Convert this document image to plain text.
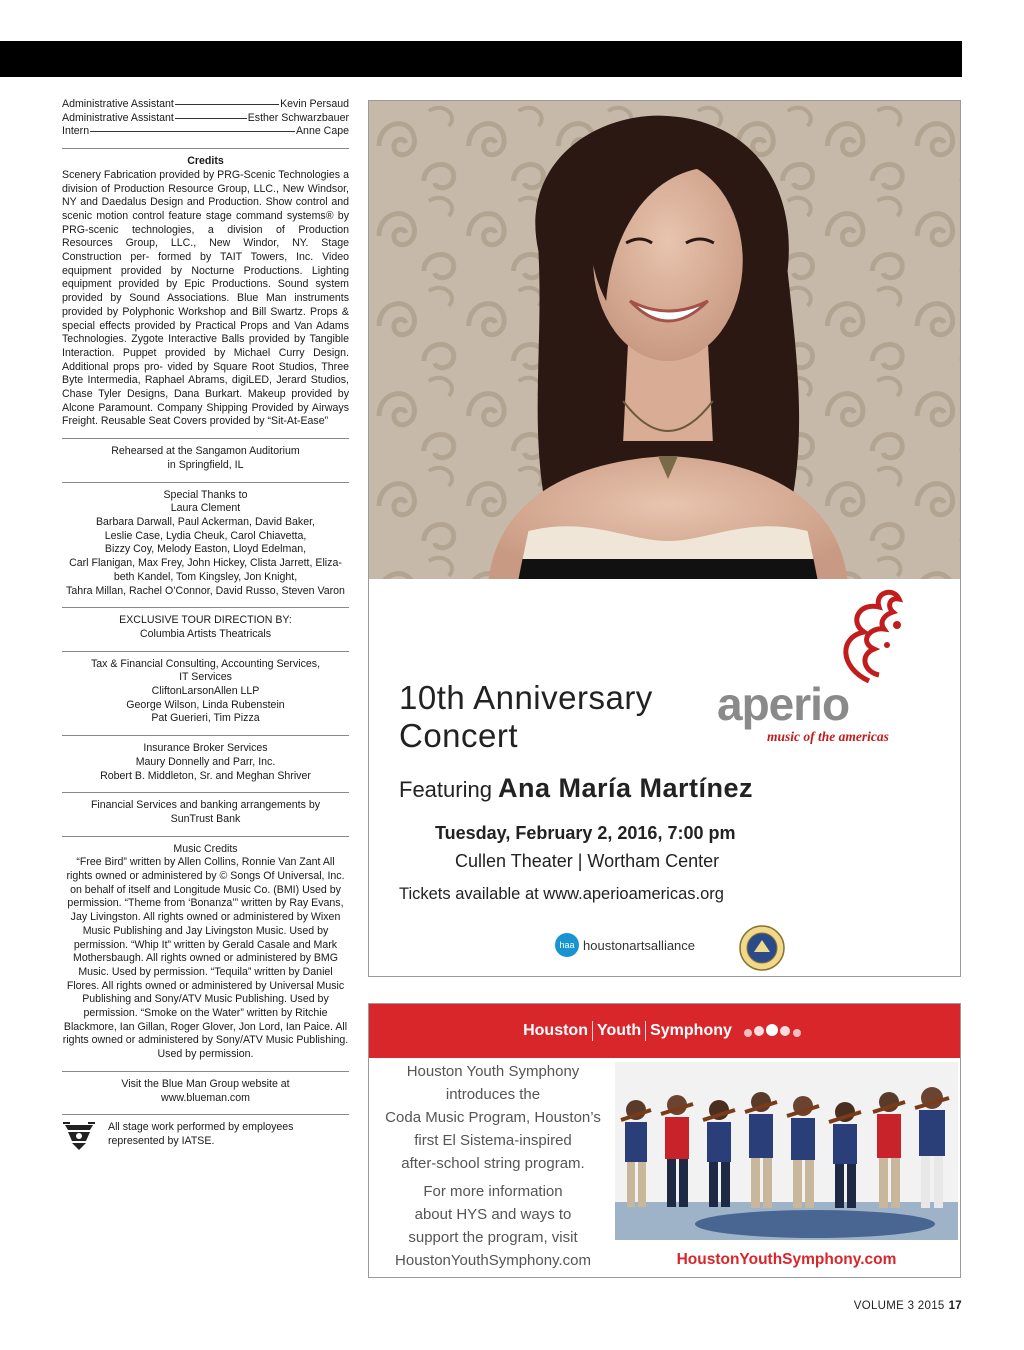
Administrative Assistant	Kevin Persaud
Administrative Assistant	Esther Schwarzbauer
Intern	Anne Cape
Credits
Scenery Fabrication provided by PRG-Scenic Technologies a division of Production Resource Group, LLC., New Windsor, NY and Daedalus Design and Production. Show control and scenic motion control feature stage command systems® by PRG-scenic technologies, a division of Production Resources Group, LLC., New Windor, NY. Stage Construction per- formed by TAIT Towers, Inc. Video equipment provided by Nocturne Productions. Lighting equipment provided by Epic Productions. Sound system provided by Sound Associations. Blue Man instruments provided by Polyphonic Workshop and Bill Swartz. Props & special effects provided by Practical Props and Van Adams Technologies. Zygote Interactive Balls provided by Tangible Interaction. Puppet provided by Michael Curry Design. Additional props pro- vided by Square Root Studios, Three Byte Intermedia, Raphael Abrams, digiLED, Jerard Studios, Chase Tyler Designs, Dana Burkart. Makeup provided by Alcone Paramount. Company Shipping Provided by Airways Freight. Reusable Seat Covers provided by “Sit-At-Ease”
Rehearsed at the Sangamon Auditorium
in Springfield, IL
Special Thanks to
Laura Clement
Barbara Darwall, Paul Ackerman, David Baker,
Leslie Case, Lydia Cheuk, Carol Chiavetta,
Bizzy Coy, Melody Easton, Lloyd Edelman,
Carl Flanigan, Max Frey, John Hickey, Clista Jarrett, Eliza-
beth Kandel, Tom Kingsley, Jon Knight,
Tahra Millan, Rachel O’Connor, David Russo, Steven Varon
EXCLUSIVE TOUR DIRECTION BY:
Columbia Artists Theatricals
Tax & Financial Consulting, Accounting Services,
IT Services
CliftonLarsonAllen LLP
George Wilson, Linda Rubenstein
Pat Guerieri, Tim Pizza
Insurance Broker Services
Maury Donnelly and Parr, Inc.
Robert B. Middleton, Sr. and Meghan Shriver
Financial Services and banking arrangements by
SunTrust Bank
Music Credits
“Free Bird” written by Allen Collins, Ronnie Van Zant All rights owned or administered by © Songs Of Universal, Inc. on behalf of itself and Longitude Music Co. (BMI) Used by permission. “Theme from ‘Bonanza’” written by Ray Evans, Jay Livingston. All rights owned or administered by Wixen Music Publishing and Jay Livingston Music. Used by permission. “Whip It” written by Gerald Casale and Mark Mothersbaugh. All rights owned or administered by BMG Music. Used by permission. “Tequila” written by Daniel Flores. All rights owned or administered by Universal Music Publishing and Sony/ATV Music Publishing. Used by permission. “Smoke on the Water” written by Ritchie Blackmore, Ian Gillan, Roger Glover, Jon Lord, Ian Paice. All rights owned or administered by Sony/ATV Music Publishing. Used by permission.
Visit the Blue Man Group website at
www.blueman.com
All stage work performed by employees represented by IATSE.
10th Anniversary
Concert
aperio
music of the americas
Featuring Ana María Martínez
Tuesday, February 2, 2016, 7:00 pm
Cullen Theater | Wortham Center
Tickets available at www.aperioamericas.org
haa houstonartsalliance
Houston Youth Symphony
Houston Youth Symphony
introduces the
Coda Music Program, Houston’s
first El Sistema-inspired
after-school string program.
For more information
about HYS and ways to
support the program, visit
HoustonYouthSymphony.com	HoustonYouthSymphony.com
VOLUME 3 2015 17
